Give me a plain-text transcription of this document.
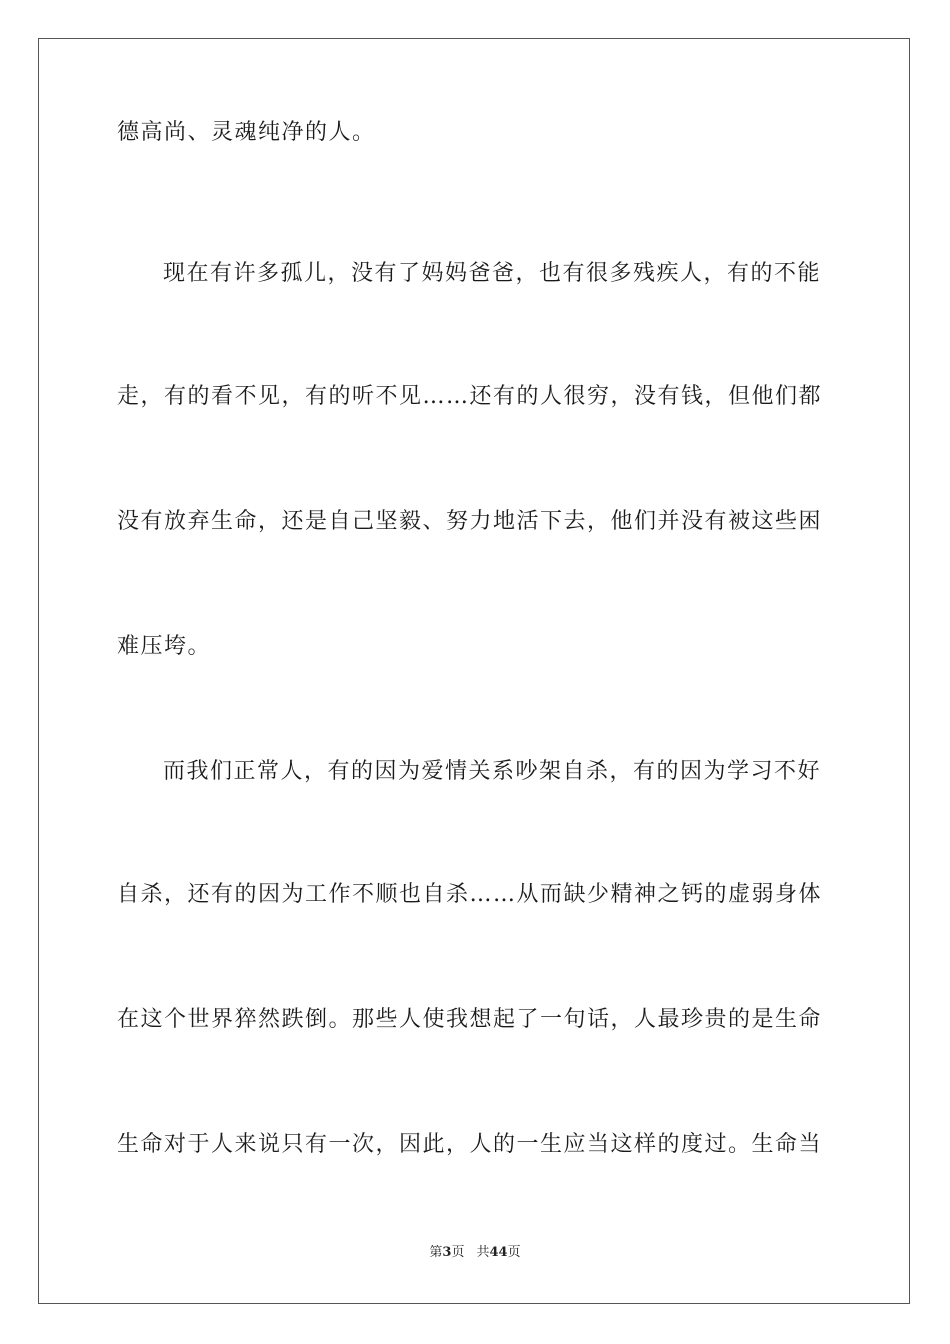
德高尚、灵魂纯净的人。
现在有许多孤儿，没有了妈妈爸爸，也有很多残疾人，有的不能
走，有的看不见，有的听不见……还有的人很穷，没有钱，但他们都
没有放弃生命，还是自己坚毅、努力地活下去，他们并没有被这些困
难压垮。
而我们正常人，有的因为爱情关系吵架自杀，有的因为学习不好
自杀，还有的因为工作不顺也自杀……从而缺少精神之钙的虚弱身体
在这个世界猝然跌倒。那些人使我想起了一句话，人最珍贵的是生命
生命对于人来说只有一次，因此，人的一生应当这样的度过。生命当
第3页 共44页
